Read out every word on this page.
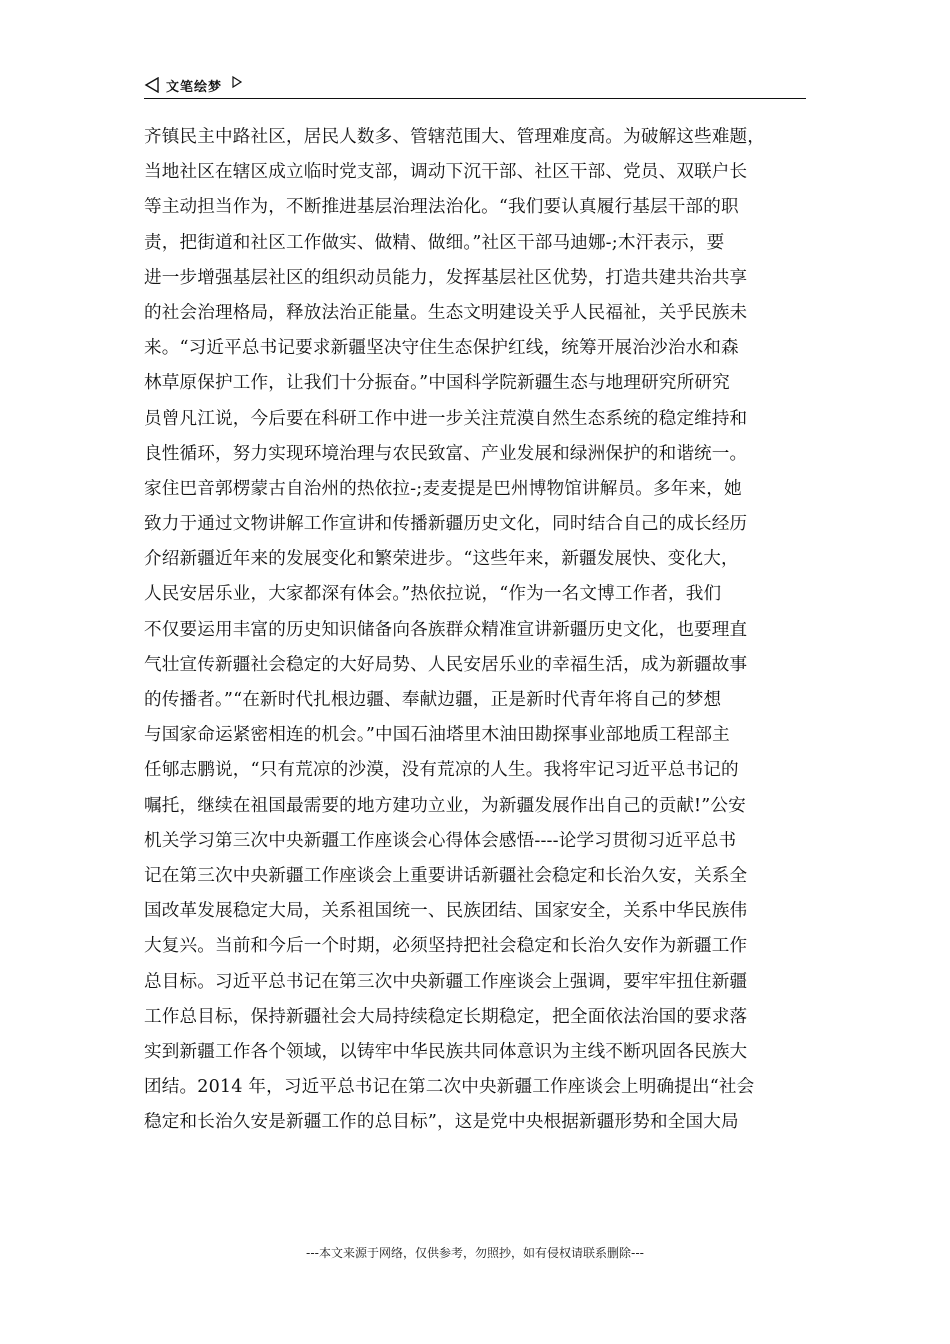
文笔绘梦
齐镇民主中路社区，居民人数多、管辖范围大、管理难度高。为破解这些难题，
当地社区在辖区成立临时党支部，调动下沉干部、社区干部、党员、双联户长
等主动担当作为，不断推进基层治理法治化。“我们要认真履行基层干部的职
责，把街道和社区工作做实、做精、做细。”社区干部马迪娜-;木汗表示，要
进一步增强基层社区的组织动员能力，发挥基层社区优势，打造共建共治共享
的社会治理格局，释放法治正能量。生态文明建设关乎人民福祉，关乎民族未
来。“习近平总书记要求新疆坚决守住生态保护红线，统筹开展治沙治水和森
林草原保护工作，让我们十分振奋。”中国科学院新疆生态与地理研究所研究
员曾凡江说，今后要在科研工作中进一步关注荒漠自然生态系统的稳定维持和
良性循环，努力实现环境治理与农民致富、产业发展和绿洲保护的和谐统一。
家住巴音郭楞蒙古自治州的热依拉-;麦麦提是巴州博物馆讲解员。多年来，她
致力于通过文物讲解工作宣讲和传播新疆历史文化，同时结合自己的成长经历
介绍新疆近年来的发展变化和繁荣进步。“这些年来，新疆发展快、变化大，
人民安居乐业，大家都深有体会。”热依拉说，“作为一名文博工作者，我们
不仅要运用丰富的历史知识储备向各族群众精准宣讲新疆历史文化，也要理直
气壮宣传新疆社会稳定的大好局势、人民安居乐业的幸福生活，成为新疆故事
的传播者。”“在新时代扎根边疆、奉献边疆，正是新时代青年将自己的梦想
与国家命运紧密相连的机会。”中国石油塔里木油田勘探事业部地质工程部主
任郇志鹏说，“只有荒凉的沙漠，没有荒凉的人生。我将牢记习近平总书记的
嘱托，继续在祖国最需要的地方建功立业，为新疆发展作出自己的贡献!”公安
机关学习第三次中央新疆工作座谈会心得体会感悟----论学习贯彻习近平总书
记在第三次中央新疆工作座谈会上重要讲话新疆社会稳定和长治久安，关系全
国改革发展稳定大局，关系祖国统一、民族团结、国家安全，关系中华民族伟
大复兴。当前和今后一个时期，必须坚持把社会稳定和长治久安作为新疆工作
总目标。习近平总书记在第三次中央新疆工作座谈会上强调，要牢牢扭住新疆
工作总目标，保持新疆社会大局持续稳定长期稳定，把全面依法治国的要求落
实到新疆工作各个领域，以铸牢中华民族共同体意识为主线不断巩固各民族大
团结。2014 年，习近平总书记在第二次中央新疆工作座谈会上明确提出“社会
稳定和长治久安是新疆工作的总目标”，这是党中央根据新疆形势和全国大局
---本文来源于网络，仅供参考，勿照抄，如有侵权请联系删除---
